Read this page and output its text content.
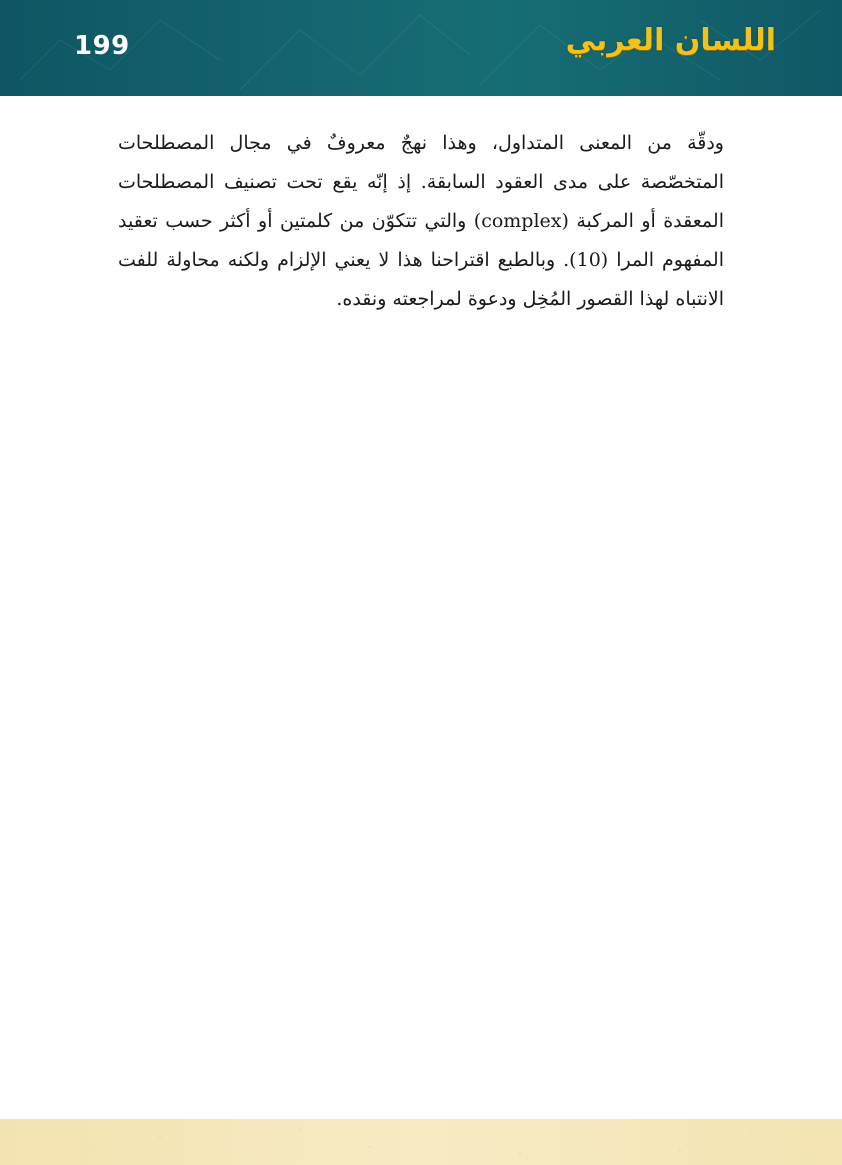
199	اللسان العربي

ودقّة من المعنى المتداول، وهذا نهجٌ معروفٌ في مجال المصطلحات المتخصّصة على مدى العقود السابقة. إذ إنّه يقع تحت تصنيف المصطلحات المعقدة أو المركبة (complex) والتي تتكوّن من كلمتين أو أكثر حسب تعقيد المفهوم المرا (10). وبالطبع اقتراحنا هذا لا يعني الإلزام ولكنه محاولة للفت الانتباه لهذا القصور المُخِل ودعوة لمراجعته ونقده.
